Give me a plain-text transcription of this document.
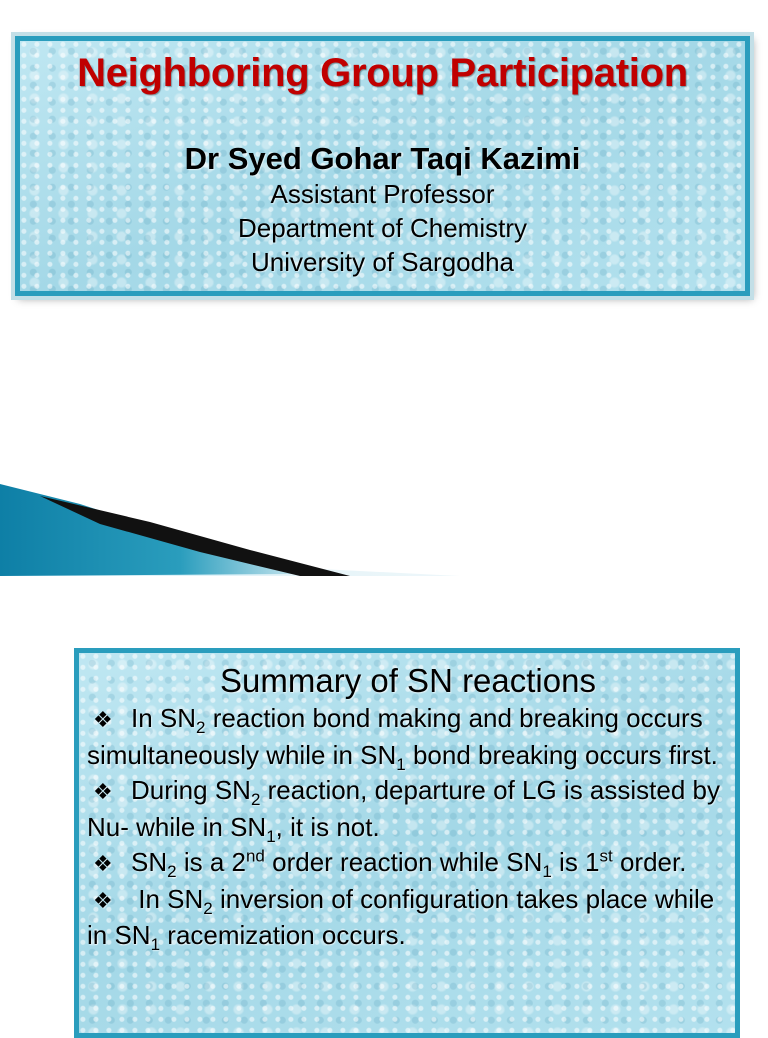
Neighboring Group Participation
Dr Syed Gohar Taqi Kazimi
Assistant Professor
Department of Chemistry
University of Sargodha
Summary of SN reactions
❖ In $SN_2$ reaction bond making and breaking occurs simultaneously while in $SN_1$ bond breaking occurs first.
❖ During $SN_2$ reaction, departure of LG is assisted by Nu- while in $SN_1$, it is not.
❖ $SN_2$ is a 2nd order reaction while $SN_1$ is 1st order.
❖ In $SN_2$ inversion of configuration takes place while in $SN_1$ racemization occurs.
